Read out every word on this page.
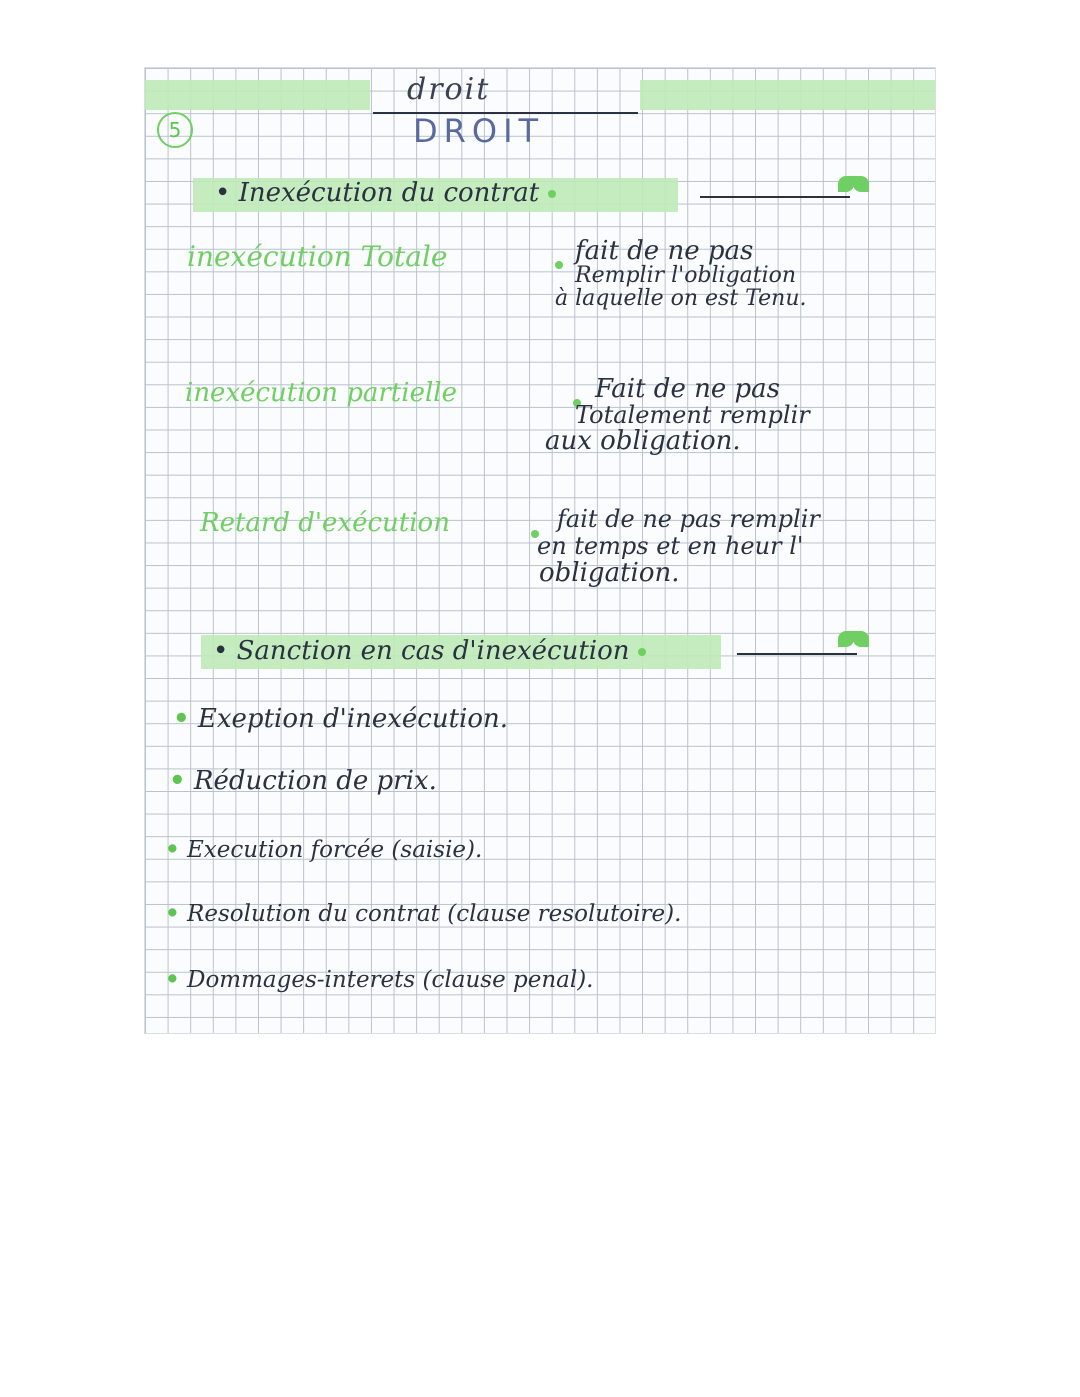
5
droit
DROIT
• Inexécution du contrat

inexécution Totale	fait de ne pas
Remplir l'obligation
à laquelle on est Tenu.
inexécution partielle	Fait de ne pas
Totalement remplir
aux obligation.
Retard d'exécution	fait de ne pas remplir
en temps et en heur l'
obligation.
• Sanction en cas d'inexécution

• Exeption d'inexécution.
• Réduction de prix.
• Execution forcée (saisie).
• Resolution du contrat (clause resolutoire).
• Dommages-interets (clause penal).
